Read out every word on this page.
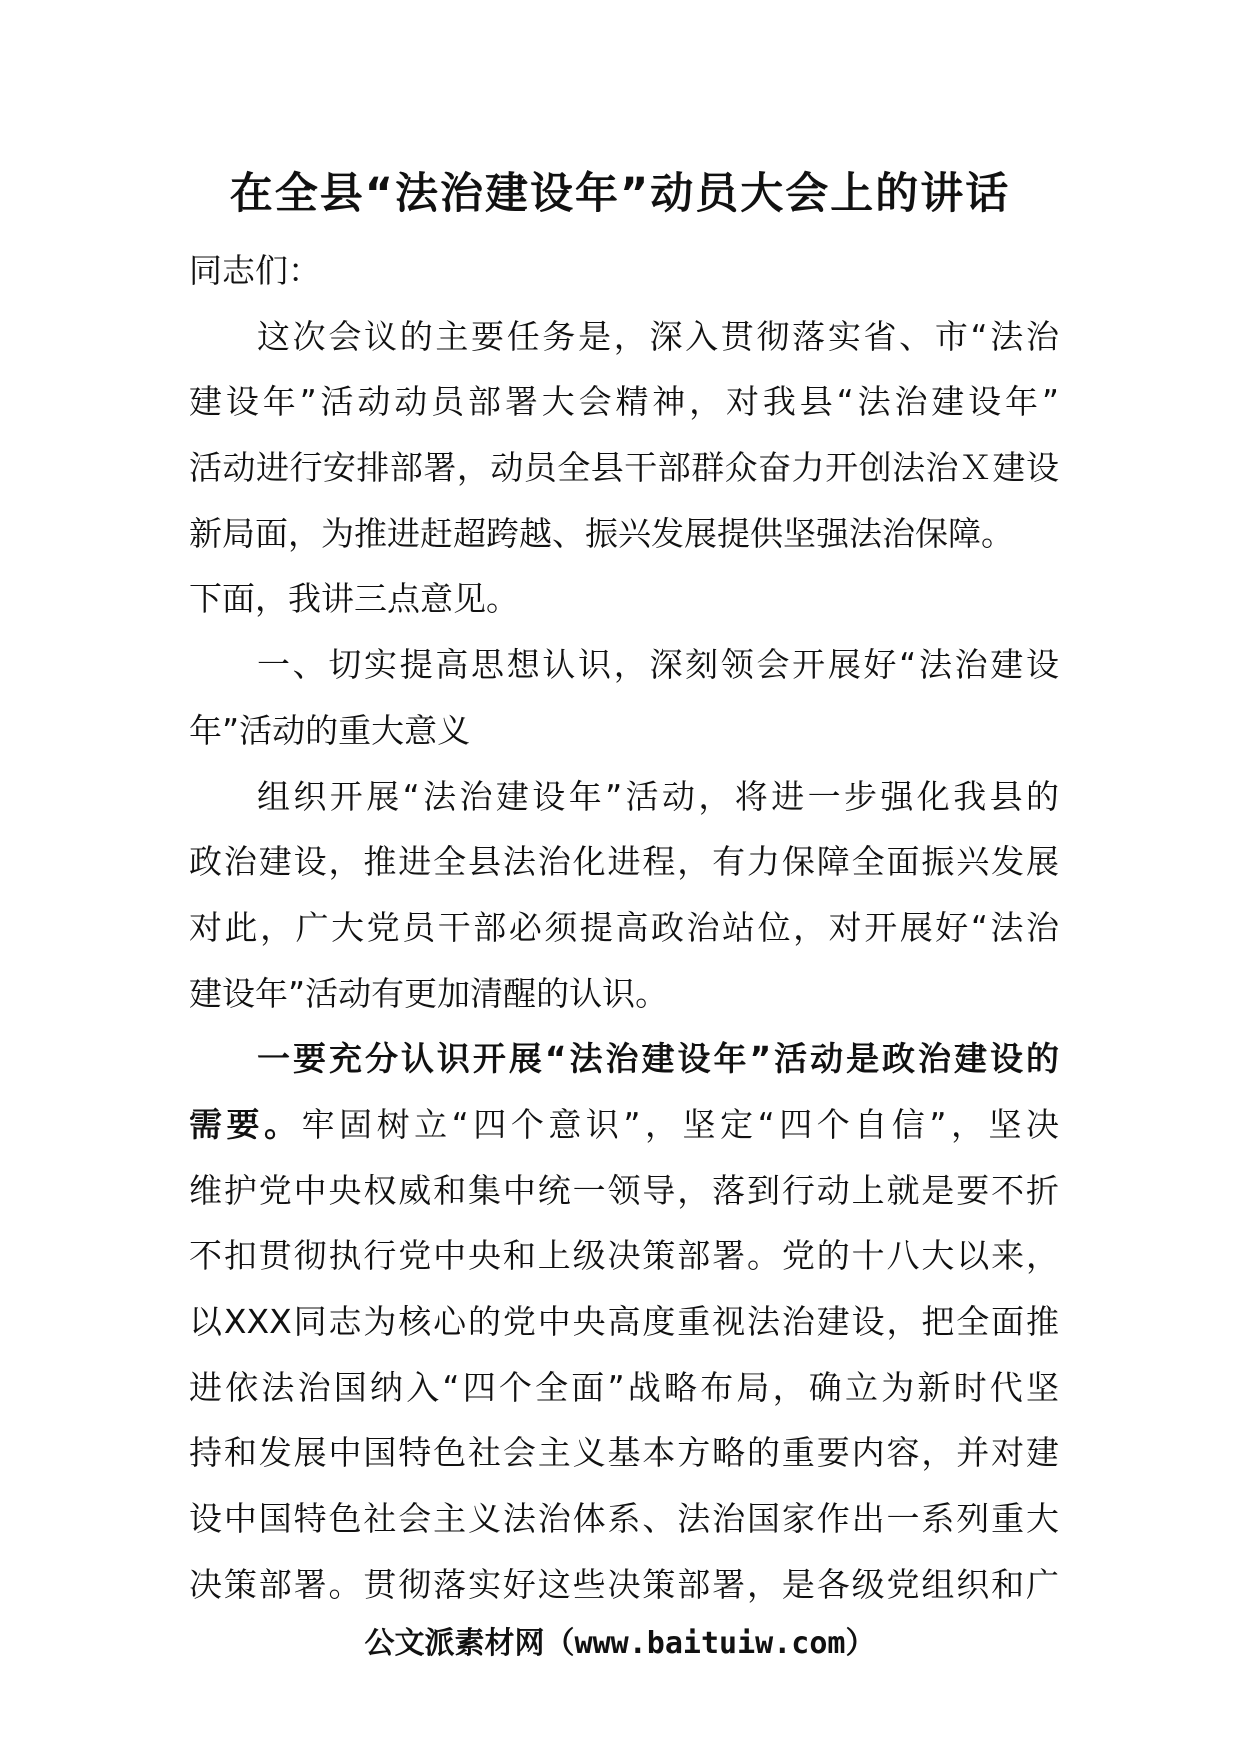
在全县“法治建设年”动员大会上的讲话
同志们：
这次会议的主要任务是，深入贯彻落实省、市“法治
建设年”活动动员部署大会精神，对我县“法治建设年”
活动进行安排部署，动员全县干部群众奋力开创法治Ｘ建设
新局面，为推进赶超跨越、振兴发展提供坚强法治保障。
下面，我讲三点意见。
一、切实提高思想认识，深刻领会开展好“法治建设
年”活动的重大意义
组织开展“法治建设年”活动，将进一步强化我县的
政治建设，推进全县法治化进程，有力保障全面振兴发展
对此，广大党员干部必须提高政治站位，对开展好“法治
建设年”活动有更加清醒的认识。
一要充分认识开展“法治建设年”活动是政治建设的
需要。牢固树立“四个意识”，坚定“四个自信”，坚决
维护党中央权威和集中统一领导，落到行动上就是要不折
不扣贯彻执行党中央和上级决策部署。党的十八大以来，
以XXX同志为核心的党中央高度重视法治建设，把全面推
进依法治国纳入“四个全面”战略布局，确立为新时代坚
持和发展中国特色社会主义基本方略的重要内容，并对建
设中国特色社会主义法治体系、法治国家作出一系列重大
决策部署。贯彻落实好这些决策部署，是各级党组织和广
公文派素材网（www.baituiw.com）
